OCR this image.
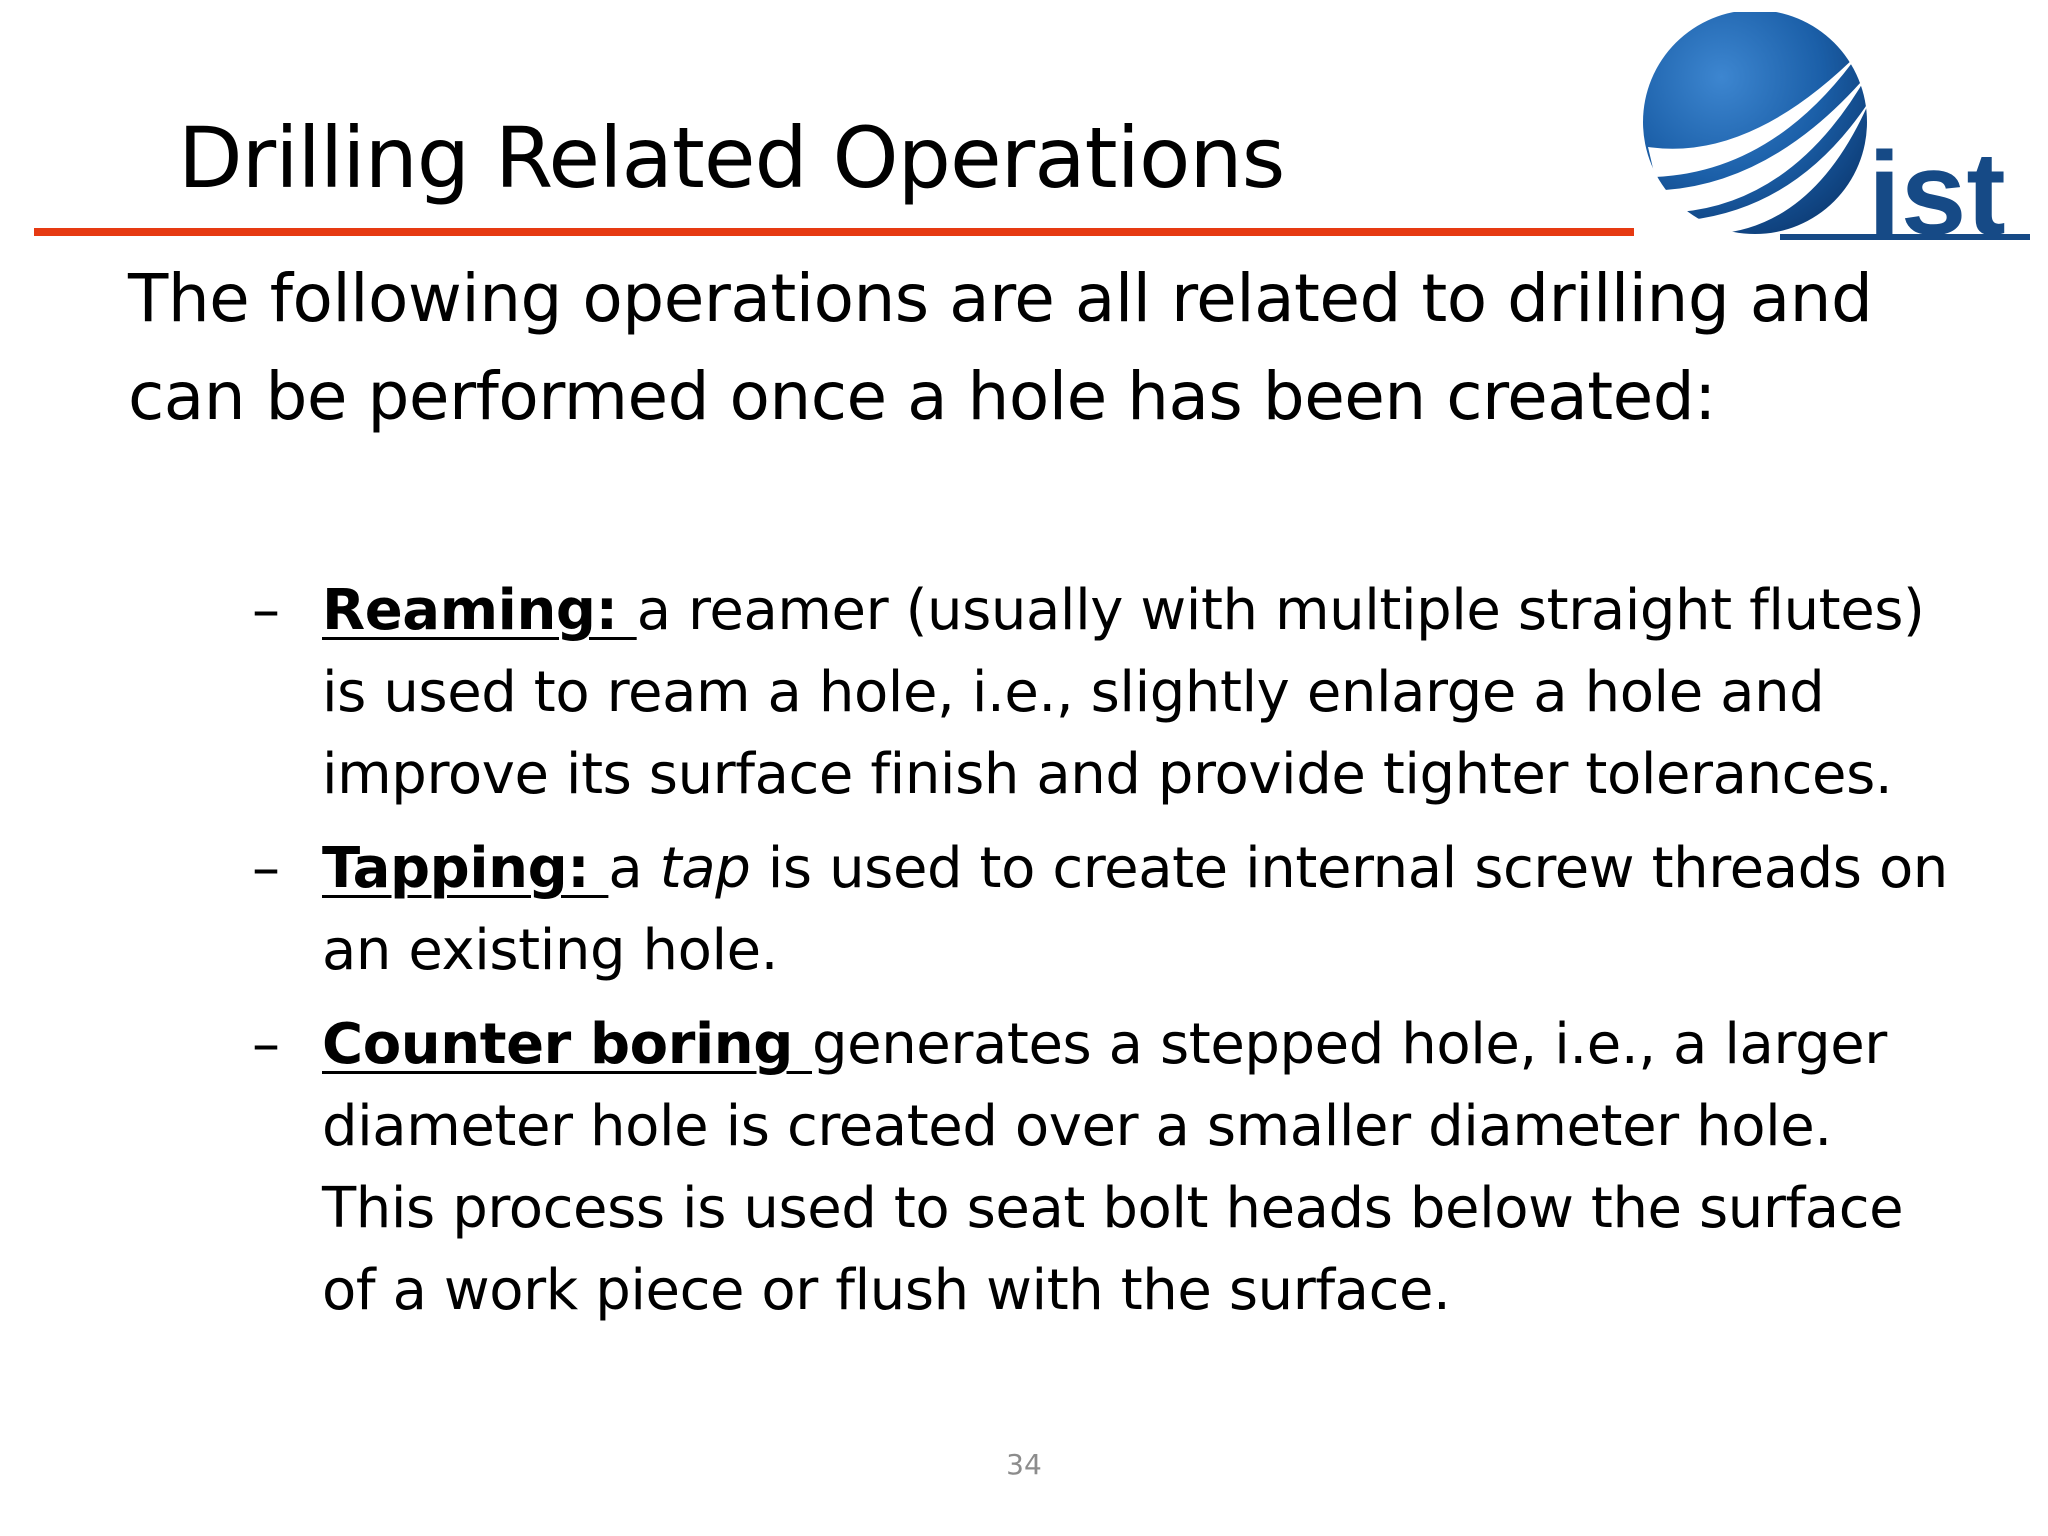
Drilling Related Operations	ist
The following operations are all related to drilling and can be performed once a hole has been created:
– Reaming: a reamer (usually with multiple straight flutes) is used to ream a hole, i.e., slightly enlarge a hole and improve its surface finish and provide tighter tolerances.
– Tapping: a tap is used to create internal screw threads on an existing hole.
– Counter boring generates a stepped hole, i.e., a larger diameter hole is created over a smaller diameter hole. This process is used to seat bolt heads below the surface of a work piece or flush with the surface.
34
